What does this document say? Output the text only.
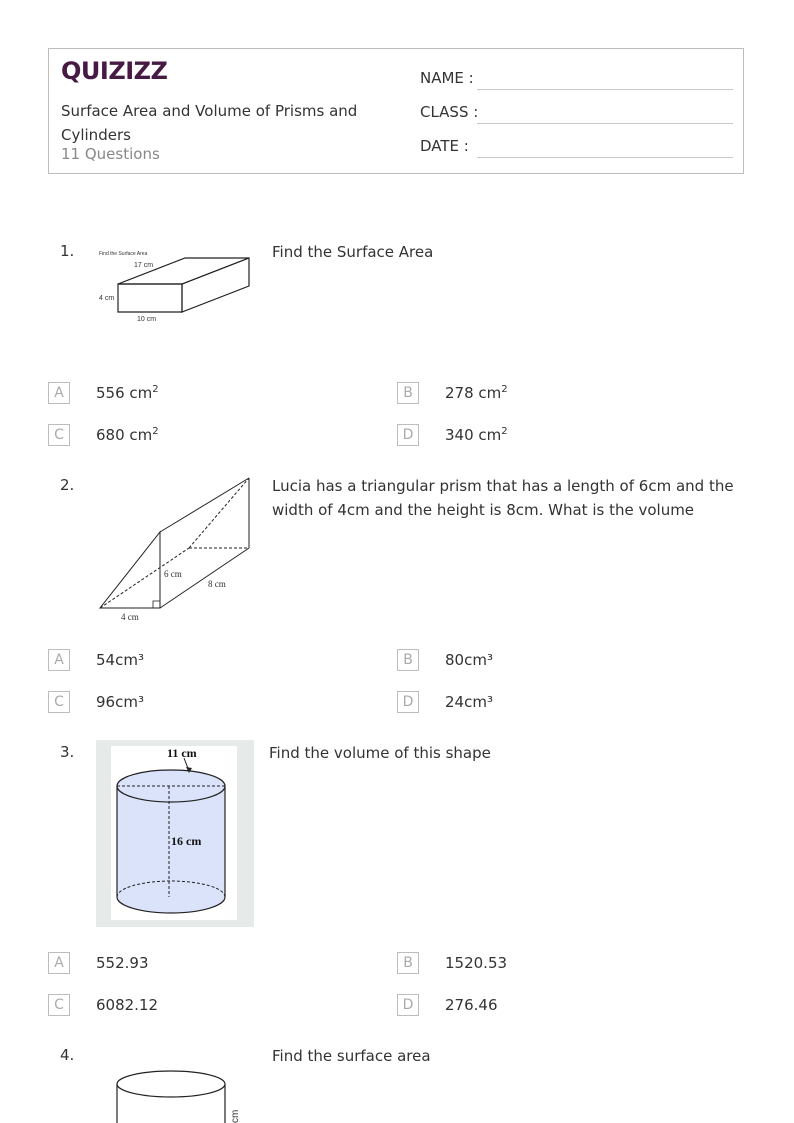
QUIZIZZ
Surface Area and Volume of Prisms and Cylinders
11 Questions
NAME :
CLASS :
DATE :
1.	Find the Surface Area
17 cm
4 cm
10 cm
Find the Surface Area
A	556 $cm^2$	B	278 $cm^2$
C	680 $cm^2$	D	340 $cm^2$
2.
6 cm
8 cm
4 cm
Lucia has a triangular prism that has a length of 6cm and the width of 4cm and the height is 8cm. What is the volume
A	54cm³	B	80cm³
C	96cm³	D	24cm³
3.	11 cm
16 cm
Find the volume of this shape
A	552.93	B	1520.53
C	6082.12	D	276.46
4.
cm
Find the surface area
